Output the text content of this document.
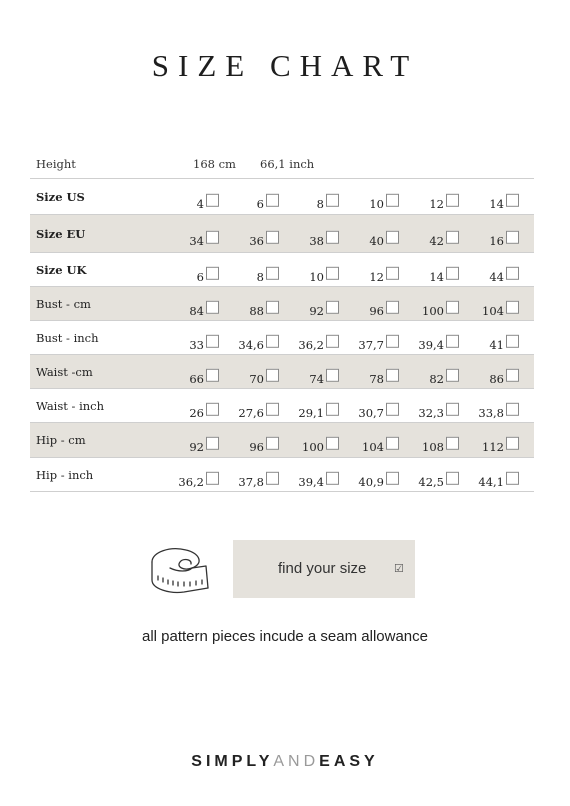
SIZE CHART
Height	168 cm 66,1 inch
Size US	4	6	8	10	12	14
Size EU	34	36	38	40	42	16
Size UK	6	8	10	12	14	44
Bust - cm	84	88	92	96	100	104
Bust - inch	33	34,6	36,2	37,7	39,4	41
Waist -cm	66	70	74	78	82	86
Waist - inch	26	27,6	29,1	30,7	32,3	33,8
Hip - cm	92	96	100	104	108	112
Hip - inch	36,2	37,8	39,4	40,9	42,5	44,1
find your size	☑
all pattern pieces incude a seam allowance
SIMPLYANDEASY
